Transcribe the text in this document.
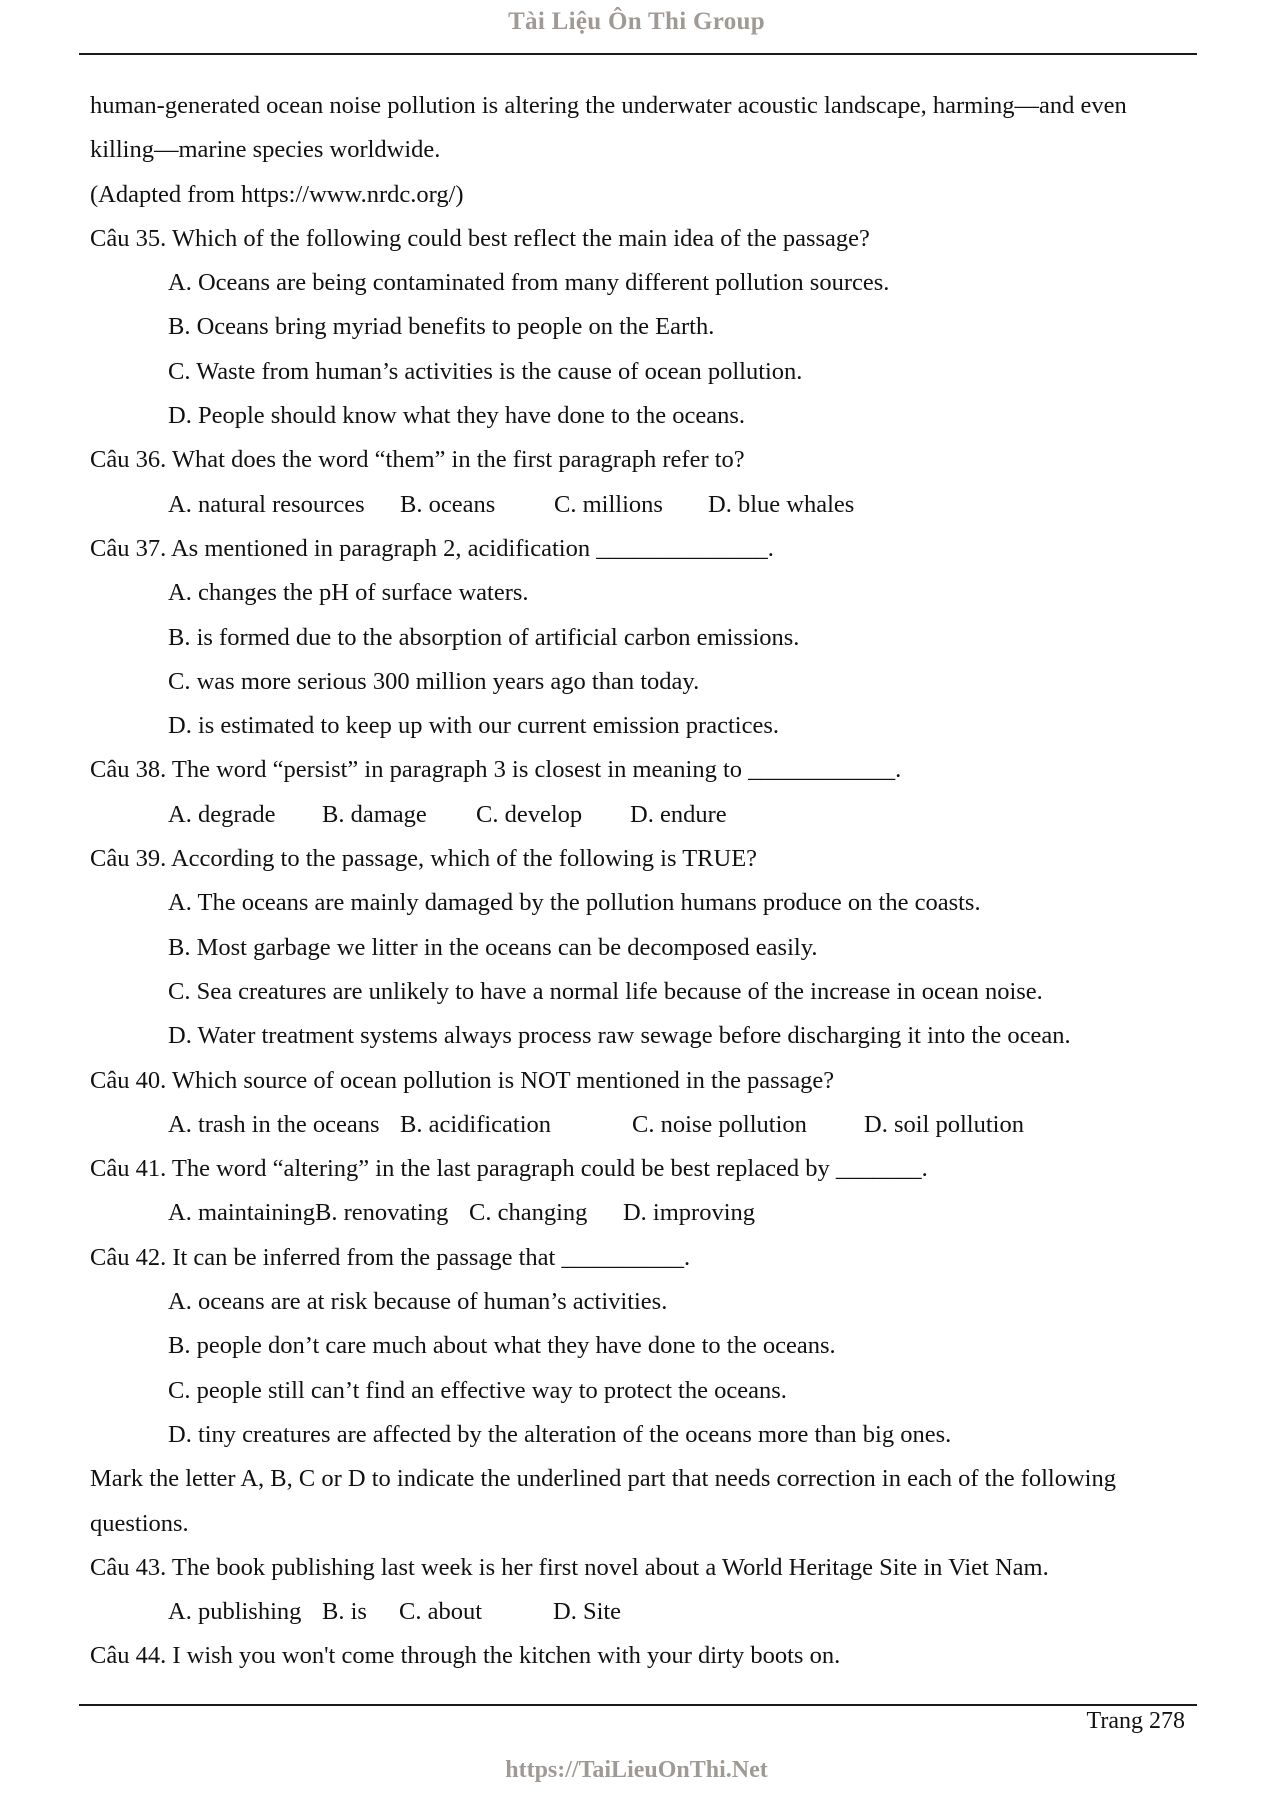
Tài Liệu Ôn Thi Group
human-generated ocean noise pollution is altering the underwater acoustic landscape, harming—and even
killing—marine species worldwide.
(Adapted from https://www.nrdc.org/)
Câu 35. Which of the following could best reflect the main idea of the passage?
A. Oceans are being contaminated from many different pollution sources.
B. Oceans bring myriad benefits to people on the Earth.
C. Waste from human’s activities is the cause of ocean pollution.
D. People should know what they have done to the oceans.
Câu 36. What does the word “them” in the first paragraph refer to?
A. natural resources B. oceans C. millions D. blue whales
Câu 37. As mentioned in paragraph 2, acidification ______________.
A. changes the pH of surface waters.
B. is formed due to the absorption of artificial carbon emissions.
C. was more serious 300 million years ago than today.
D. is estimated to keep up with our current emission practices.
Câu 38. The word “persist” in paragraph 3 is closest in meaning to ____________.
A. degrade B. damage C. develop D. endure
Câu 39. According to the passage, which of the following is TRUE?
A. The oceans are mainly damaged by the pollution humans produce on the coasts.
B. Most garbage we litter in the oceans can be decomposed easily.
C. Sea creatures are unlikely to have a normal life because of the increase in ocean noise.
D. Water treatment systems always process raw sewage before discharging it into the ocean.
Câu 40. Which source of ocean pollution is NOT mentioned in the passage?
A. trash in the oceans B. acidification	C. noise pollution D. soil pollution
Câu 41. The word “altering” in the last paragraph could be best replaced by _______.
A. maintainingB. renovating C. changing D. improving
Câu 42. It can be inferred from the passage that __________.
A. oceans are at risk because of human’s activities.
B. people don’t care much about what they have done to the oceans.
C. people still can’t find an effective way to protect the oceans.
D. tiny creatures are affected by the alteration of the oceans more than big ones.
Mark the letter A, B, C or D to indicate the underlined part that needs correction in each of the following
questions.
Câu 43. The book publishing last week is her first novel about a World Heritage Site in Viet Nam.
A. publishing B. is C. about	D. Site
Câu 44. I wish you won't come through the kitchen with your dirty boots on.
Trang 278
https://TaiLieuOnThi.Net
